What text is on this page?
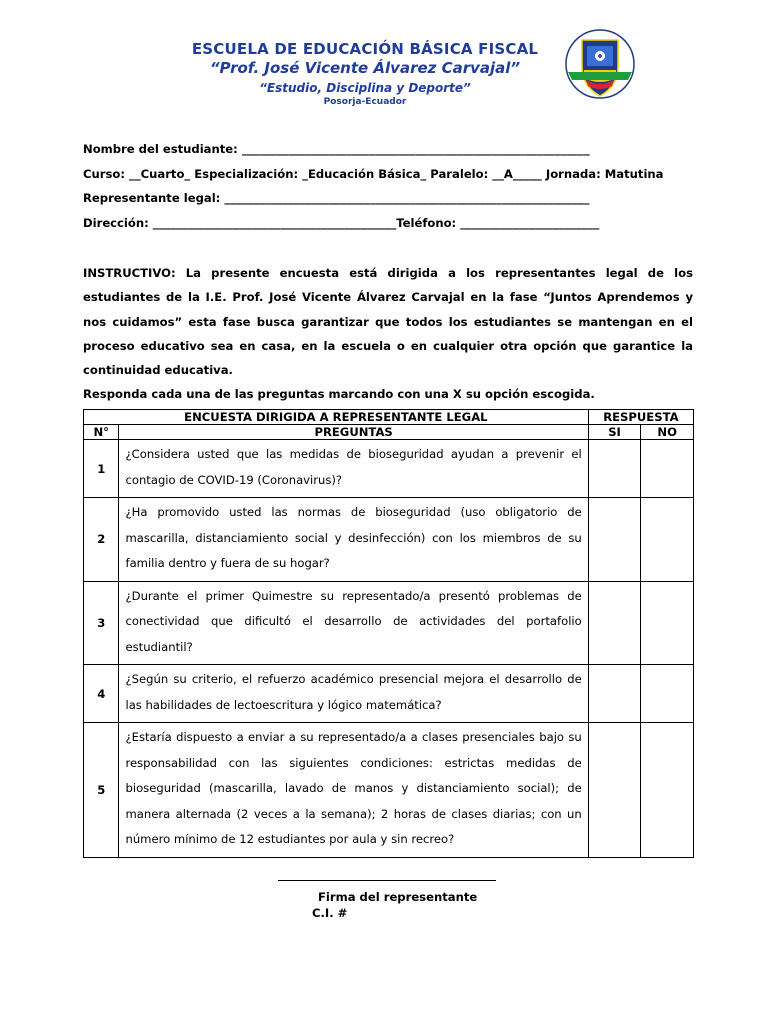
ESCUELA DE EDUCACIÓN BÁSICA FISCAL
“Prof. José Vicente Álvarez Carvajal”
“Estudio, Disciplina y Deporte”
Posorja-Ecuador
Nombre del estudiante: ____________________________________________________________
Curso: __Cuarto_ Especialización: _Educación Básica_ Paralelo: __A_____ Jornada: Matutina
Representante legal: _______________________________________________________________
Dirección: __________________________________________Teléfono: ________________________

INSTRUCTIVO: La presente encuesta está dirigida a los representantes legal de los estudiantes de la I.E. Prof. José Vicente Álvarez Carvajal en la fase “Juntos Aprendemos y nos cuidamos” esta fase busca garantizar que todos los estudiantes se mantengan en el proceso educativo sea en casa, en la escuela o en cualquier otra opción que garantice la continuidad educativa.

Responda cada una de las preguntas marcando con una X su opción escogida.

ENCUESTA DIRIGIDA A REPRESENTANTE LEGAL		RESPUESTA	
N°	PREGUNTAS	SI	NO
1	¿Considera usted que las medidas de bioseguridad ayudan a prevenir el contagio de COVID-19 (Coronavirus)?		
2	¿Ha promovido usted las normas de bioseguridad (uso obligatorio de mascarilla, distanciamiento social y desinfección) con los miembros de su familia dentro y fuera de su hogar?		
3	¿Durante el primer Quimestre su representado/a presentó problemas de conectividad que dificultó el desarrollo de actividades del portafolio estudiantil?		
4	¿Según su criterio, el refuerzo académico presencial mejora el desarrollo de las habilidades de lectoescritura y lógico matemática?		
5	¿Estaría dispuesto a enviar a su representado/a a clases presenciales bajo su responsabilidad con las siguientes condiciones: estrictas medidas de bioseguridad (mascarilla, lavado de manos y distanciamiento social); de manera alternada (2 veces a la semana); 2 horas de clases diarias; con un número mínimo de 12 estudiantes por aula y sin recreo?		
Firma del representante
C.I. #
